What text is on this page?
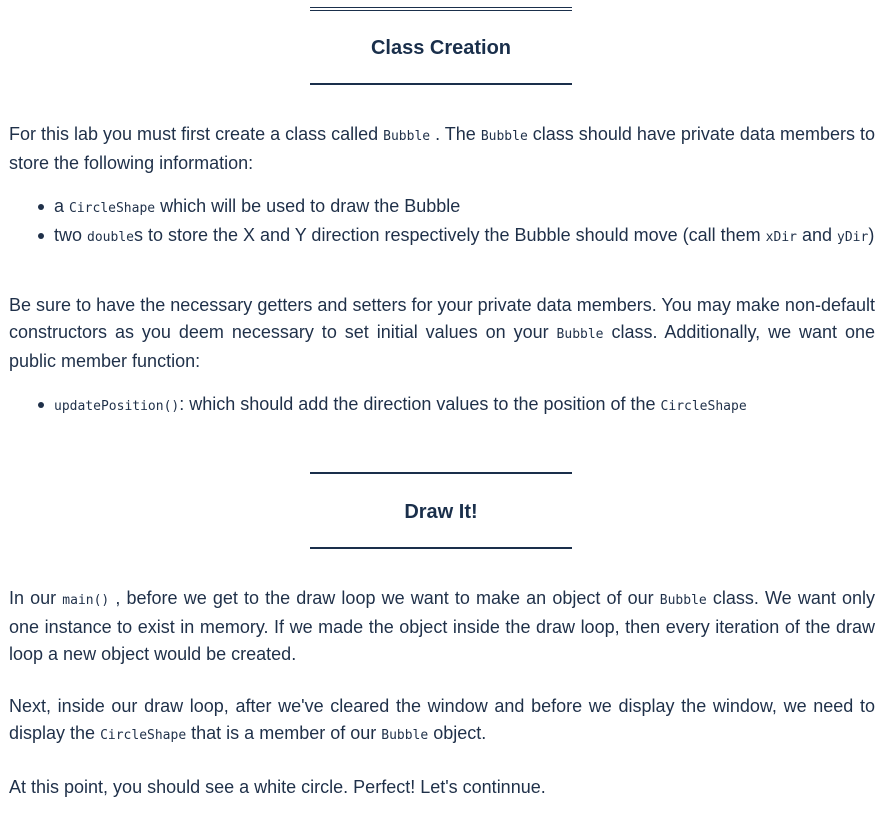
Class Creation

For this lab you must first create a class called Bubble . The Bubble class should have private data members to store the following information:

a CircleShape which will be used to draw the Bubble
two doubles to store the X and Y direction respectively the Bubble should move (call them xDir and yDir)

Be sure to have the necessary getters and setters for your private data members. You may make non-default constructors as you deem necessary to set initial values on your Bubble class. Additionally, we want one public member function:

updatePosition(): which should add the direction values to the position of the CircleShape
Draw It!

In our main() , before we get to the draw loop we want to make an object of our Bubble class. We want only one instance to exist in memory. If we made the object inside the draw loop, then every iteration of the draw loop a new object would be created.

Next, inside our draw loop, after we've cleared the window and before we display the window, we need to display the CircleShape that is a member of our Bubble object.

At this point, you should see a white circle. Perfect! Let's continnue.
